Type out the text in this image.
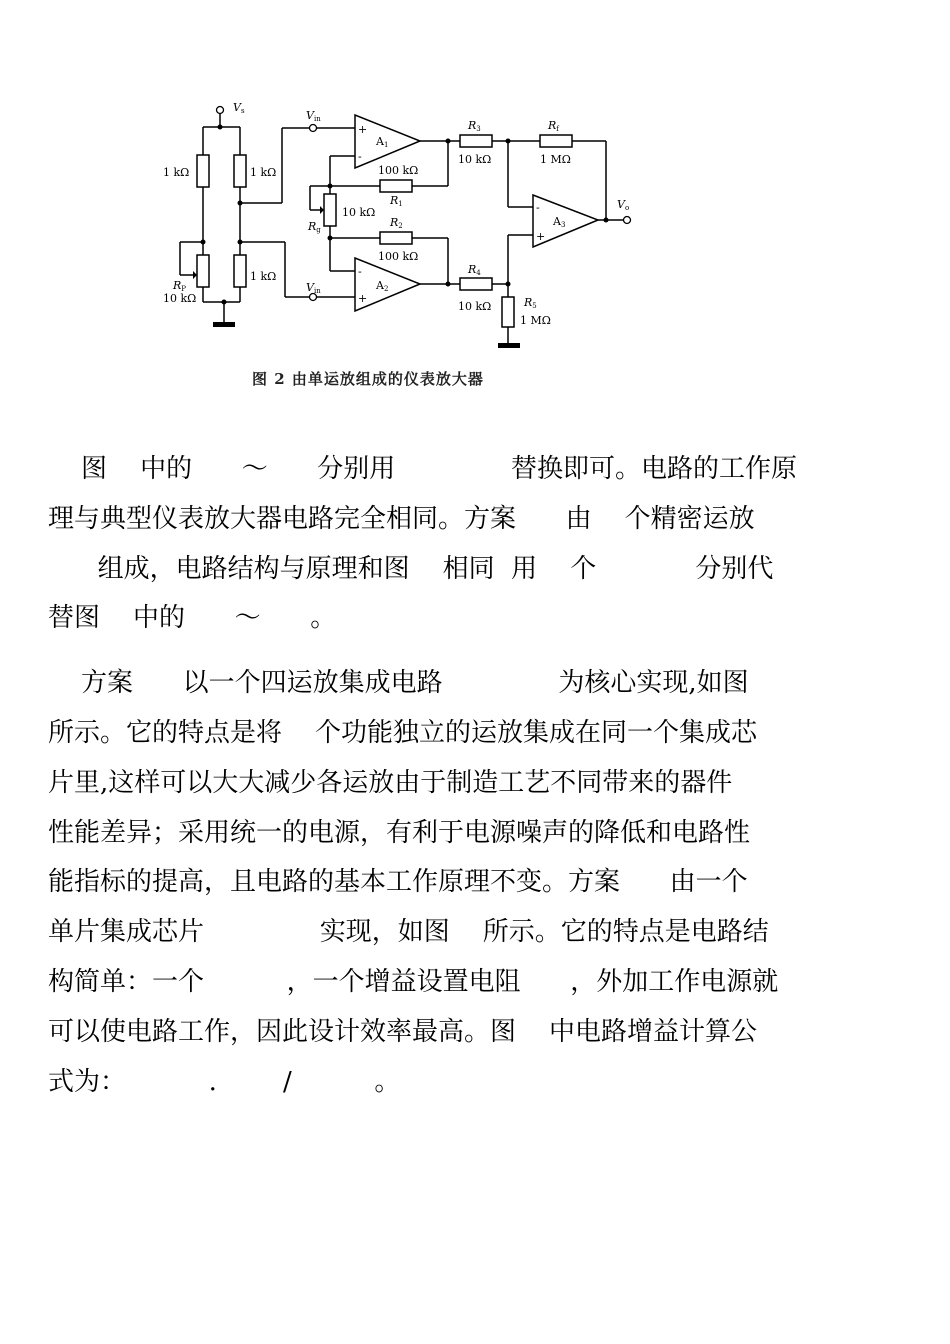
Vs	Vin
Vin
Vo
A1
A2
A3
+
-
-
+
-
+
1 kΩ	1 kΩ
1 kΩ
RP
10 kΩ
Rg
10 kΩ
100 kΩ
R1
R2
100 kΩ
R3
10 kΩ
Rf
1 MΩ
R4
10 kΩ	R5
1 MΩ
图 2 由单运放组成的仪表放大器
图    中的      ～      分别用              替换即可。电路的工作原
理与典型仪表放大器电路完全相同。方案      由    个精密运放
组成，电路结构与原理和图    相同  用    个            分别代
替图    中的      ～      。
方案      以一个四运放集成电路              为核心实现,如图
所示。它的特点是将    个功能独立的运放集成在同一个集成芯
片里,这样可以大大减少各运放由于制造工艺不同带来的器件
性能差异；采用统一的电源，有利于电源噪声的降低和电路性
能指标的提高，且电路的基本工作原理不变。方案      由一个
单片集成芯片              实现，如图    所示。它的特点是电路结
构简单：一个          ，一个增益设置电阻      ，外加工作电源就
可以使电路工作，因此设计效率最高。图    中电路增益计算公
式为：          .        /          。
